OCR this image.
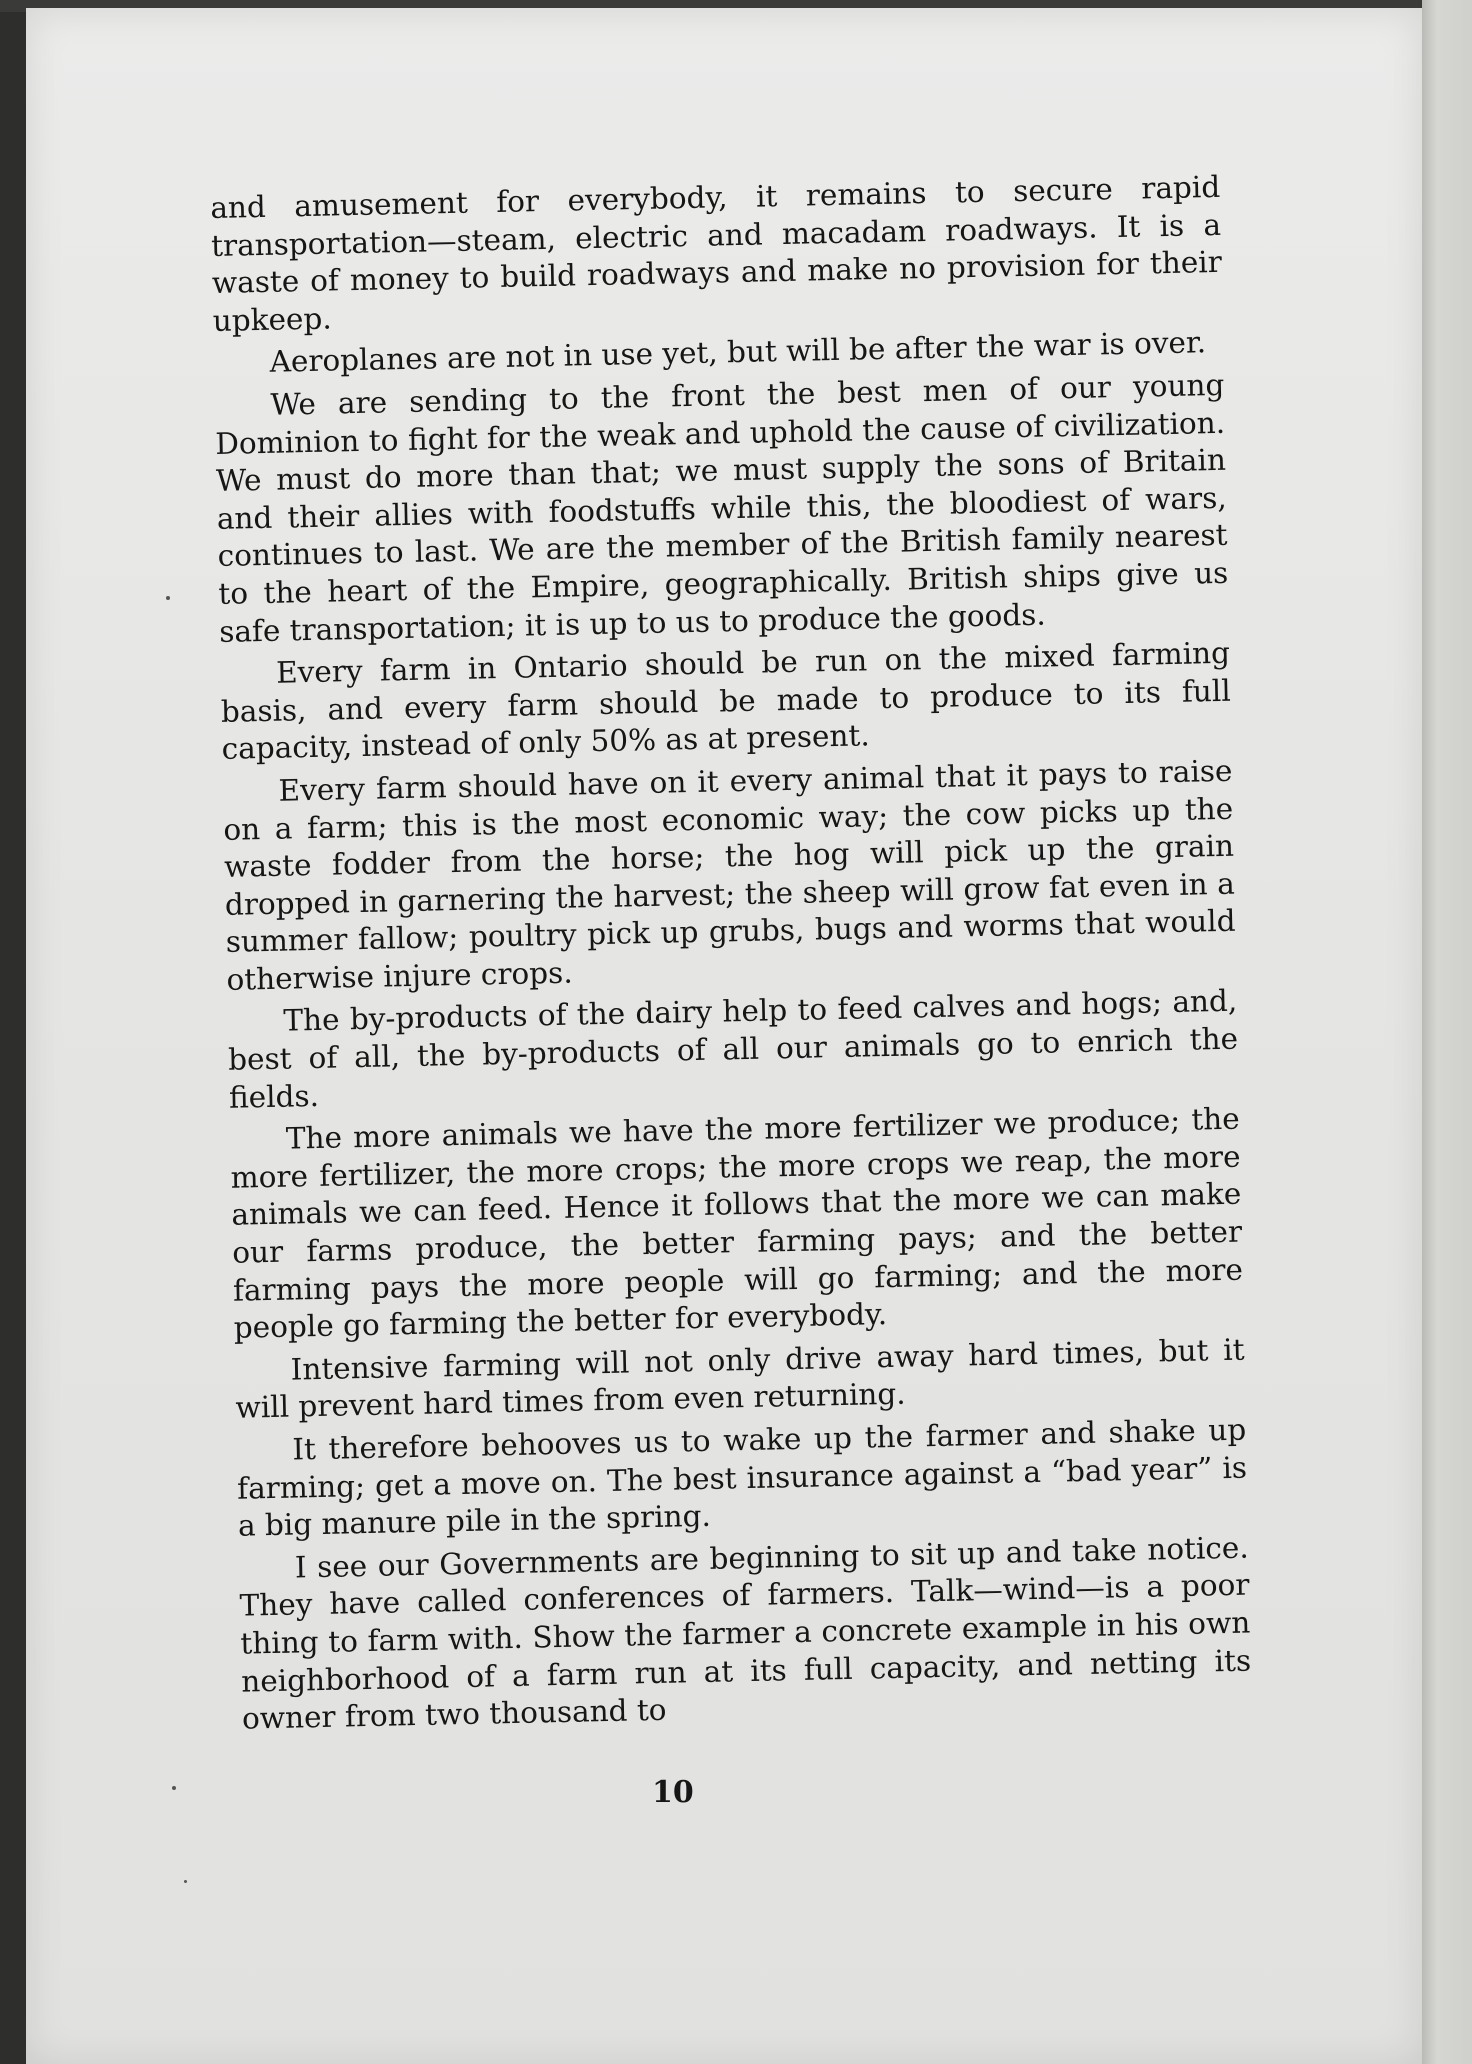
and amusement for everybody, it remains to secure rapid transportation—steam, electric and macadam roadways. It is a waste of money to build roadways and make no provision for their upkeep.

Aeroplanes are not in use yet, but will be after the war is over.

We are sending to the front the best men of our young Dominion to fight for the weak and uphold the cause of civilization. We must do more than that; we must supply the sons of Britain and their allies with foodstuffs while this, the bloodiest of wars, continues to last. We are the member of the British family nearest to the heart of the Empire, geographically. British ships give us safe transportation; it is up to us to produce the goods.

Every farm in Ontario should be run on the mixed farming basis, and every farm should be made to produce to its full capacity, instead of only 50% as at present.

Every farm should have on it every animal that it pays to raise on a farm; this is the most economic way; the cow picks up the waste fodder from the horse; the hog will pick up the grain dropped in garnering the harvest; the sheep will grow fat even in a summer fallow; poultry pick up grubs, bugs and worms that would otherwise injure crops.

The by-products of the dairy help to feed calves and hogs; and, best of all, the by-products of all our animals go to enrich the fields.

The more animals we have the more fertilizer we produce; the more fertilizer, the more crops; the more crops we reap, the more animals we can feed. Hence it follows that the more we can make our farms produce, the better farming pays; and the better farming pays the more people will go farming; and the more people go farming the better for everybody.

Intensive farming will not only drive away hard times, but it will prevent hard times from even returning.

It therefore behooves us to wake up the farmer and shake up farming; get a move on. The best insurance against a “bad year” is a big manure pile in the spring.

I see our Governments are beginning to sit up and take notice. They have called conferences of farmers. Talk—wind—is a poor thing to farm with. Show the farmer a concrete example in his own neighborhood of a farm run at its full capacity, and netting its owner from two thousand to

10
